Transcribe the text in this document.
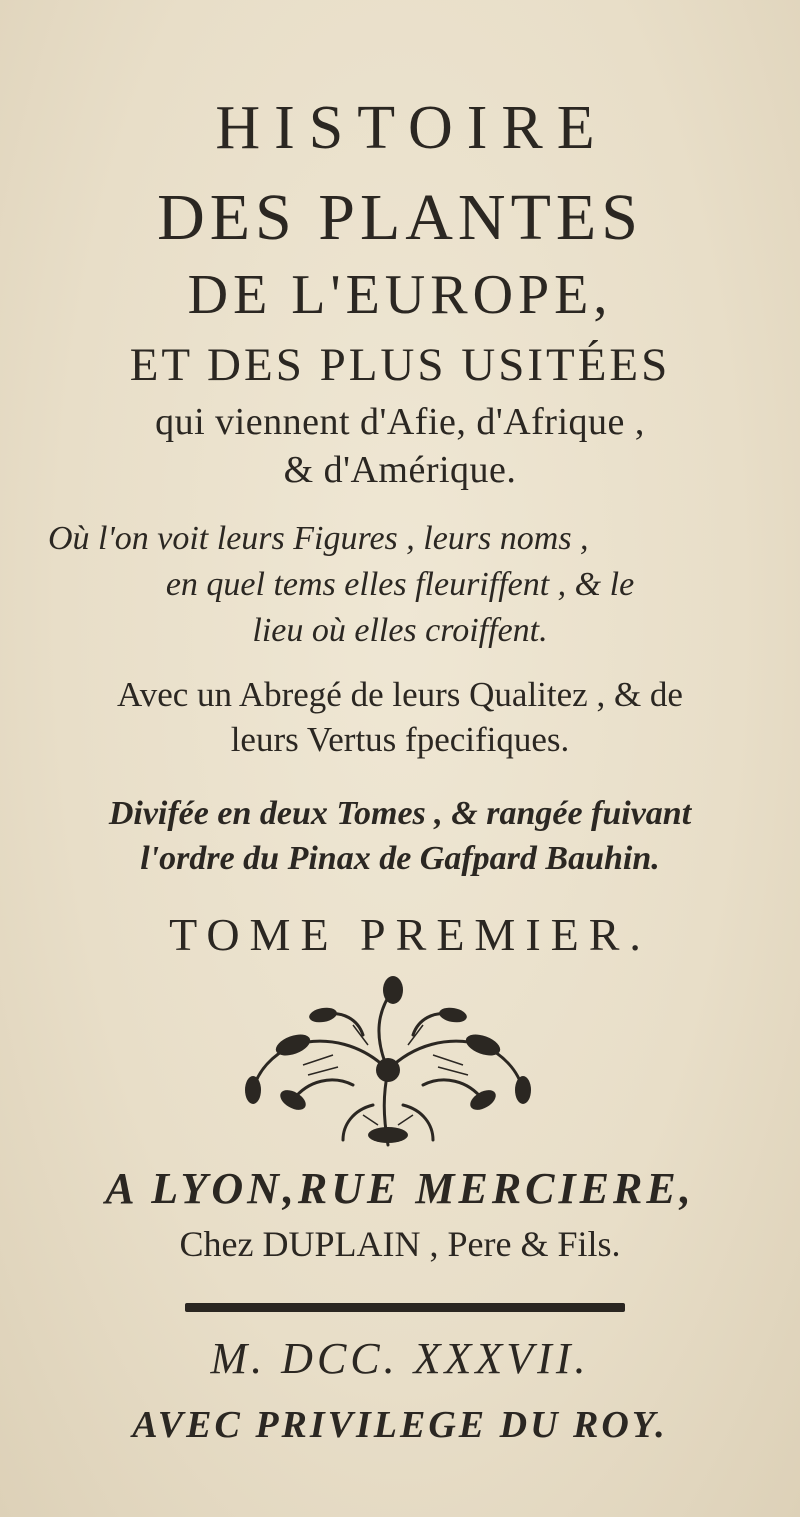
HISTOIRE
DES PLANTES
DE L'EUROPE,
ET DES PLUS USITÉES
qui viennent d'Afie, d'Afrique ,
& d'Amérique.
Où l'on voit leurs Figures , leurs noms ,
en quel tems elles fleuriffent , & le
lieu où elles croiffent.
Avec un Abregé de leurs Qualitez , & de
leurs Vertus fpecifiques.
Divifée en deux Tomes , & rangée fuivant
l'ordre du Pinax de Gafpard Bauhin.
TOME PREMIER.
A LYON,RUE MERCIERE,
Chez DUPLAIN , Pere & Fils.
M. DCC. XXXVII.
AVEC PRIVILEGE DU ROY.
